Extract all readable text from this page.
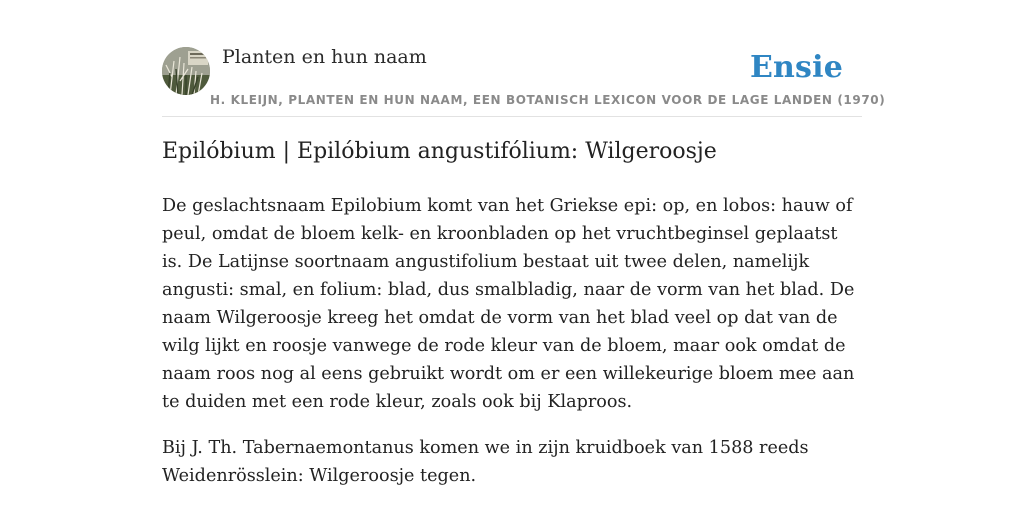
Planten en hun naam	Ensie
H. KLEIJN, PLANTEN EN HUN NAAM, EEN BOTANISCH LEXICON VOOR DE LAGE LANDEN (1970)
Epilóbium | Epilóbium angustifólium: Wilgeroosje

De geslachtsnaam Epilobium komt van het Griekse epi: op, en lobos: hauw of peul, omdat de bloem kelk- en kroonbladen op het vruchtbeginsel geplaatst is. De Latijnse soortnaam angustifolium bestaat uit twee delen, namelijk angusti: smal, en folium: blad, dus smalbladig, naar de vorm van het blad. De naam Wilgeroosje kreeg het omdat de vorm van het blad veel op dat van de wilg lijkt en roosje vanwege de rode kleur van de bloem, maar ook omdat de naam roos nog al eens gebruikt wordt om er een willekeurige bloem mee aan te duiden met een rode kleur, zoals ook bij Klaproos.

Bij J. Th. Tabernaemontanus komen we in zijn kruidboek van 1588 reeds Weidenrösslein: Wilgeroosje tegen.
